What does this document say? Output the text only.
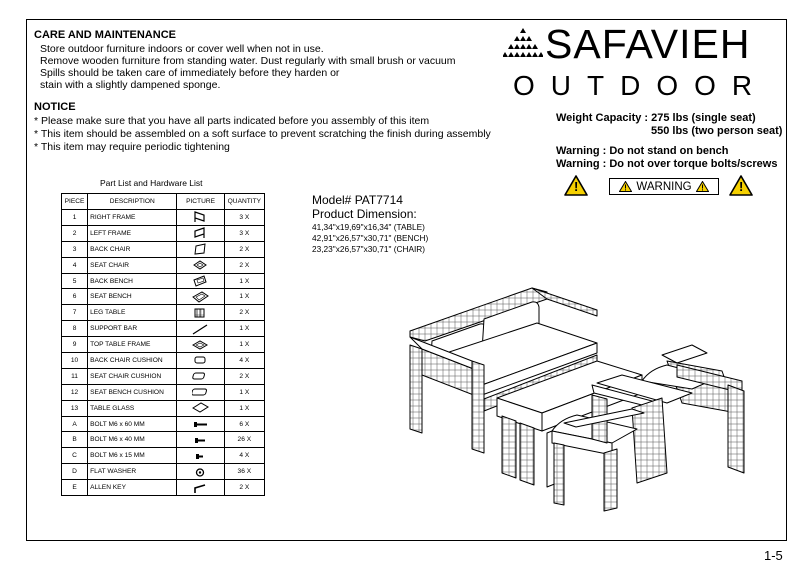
CARE AND MAINTENANCE
Store outdoor furniture indoors or cover well when not in use.
Remove wooden furniture from standing water. Dust regularly with small brush or vacuum
Spills should be taken care of immediately before they harden or
stain with a slightly dampened sponge.
NOTICE
* Please make sure that you have all parts indicated before you assembly of this item
* This item should be assembled on a soft surface to prevent scratching the finish during assembly
* This item may require periodic tightening
SAFAVIEH
OUTDOOR
Weight Capacity : 275 lbs (single seat)
550 lbs (two person seat)
Warning : Do not stand on bench
Warning : Do not over torque bolts/screws
!	WARNING	!
Part List and Hardware List
PIECE	DESCRIPTION	PICTURE	QUANTITY
1	RIGHT FRAME		3 X
2	LEFT FRAME		3 X
3	BACK CHAIR		2 X
4	SEAT CHAIR		2 X
5	BACK BENCH		1 X
6	SEAT BENCH		1 X
7	LEG TABLE		2 X
8	SUPPORT BAR		1 X
9	TOP TABLE FRAME		1 X
10	BACK CHAIR CUSHION		4 X
11	SEAT CHAIR CUSHION		2 X
12	SEAT BENCH CUSHION		1 X
13	TABLE GLASS		1 X
A	BOLT M6 x 60 MM		6 X
B	BOLT M6 x 40 MM		26 X
C	BOLT M6 x 15 MM		4 X
D	FLAT WASHER		36 X
E	ALLEN KEY		2 X
Model# PAT7714
Product Dimension:
41,34"x19,69"x16,34" (TABLE)
42,91"x26,57"x30,71" (BENCH)
23,23"x26,57"x30,71" (CHAIR)
1-5
